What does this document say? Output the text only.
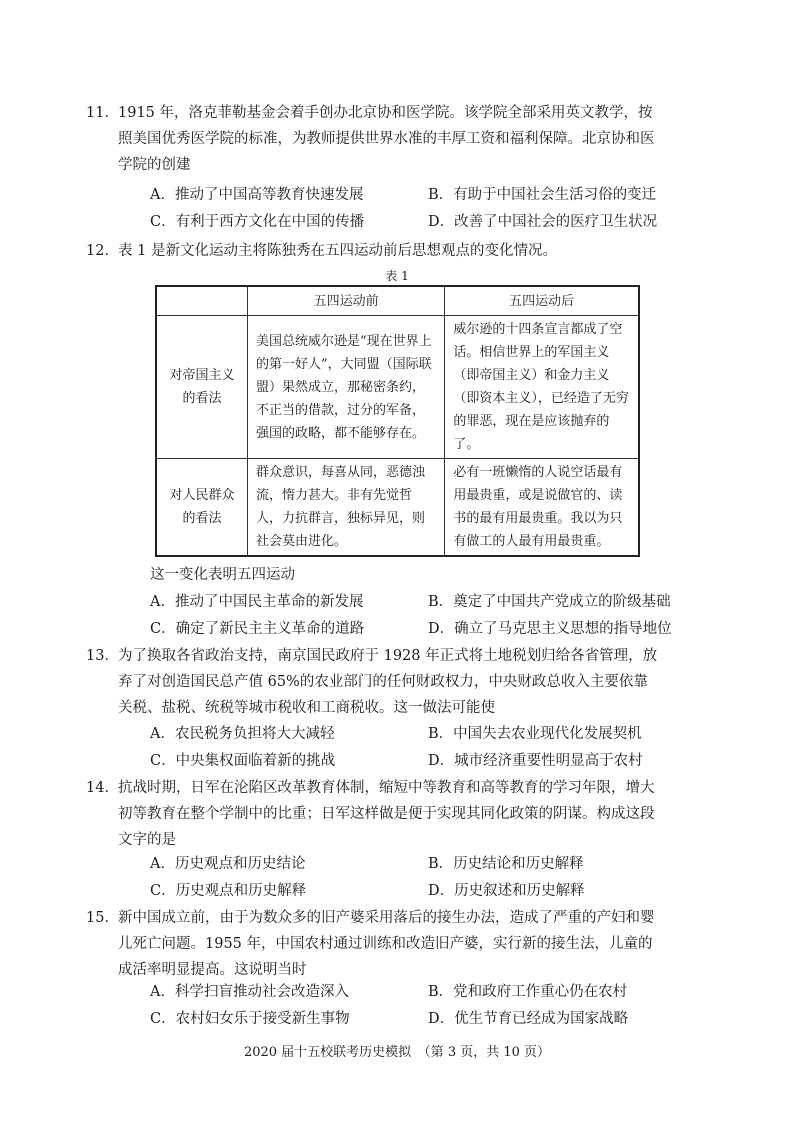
11． 1915 年，洛克菲勒基金会着手创办北京协和医学院。该学院全部采用英文教学，按照美国优秀医学院的标准，为教师提供世界水准的丰厚工资和福利保障。北京协和医学院的创建

A．推动了中国高等教育快速发展	B．有助于中国社会生活习俗的变迁
C．有利于西方文化在中国的传播	D．改善了中国社会的医疗卫生状况
12． 表 1 是新文化运动主将陈独秀在五四运动前后思想观点的变化情况。

表 1
	五四运动前	五四运动后
对帝国主义的看法	美国总统威尔逊是“现在世界上的第一好人”，大同盟（国际联盟）果然成立，那秘密条约，不正当的借款，过分的军备，强国的政略，都不能够存在。	威尔逊的十四条宣言都成了空话。相信世界上的军国主义（即帝国主义）和金力主义（即资本主义），已经造了无穷的罪恶，现在是应该抛弃的了。
对人民群众的看法	群众意识，每喜从同，恶德浊流，惰力甚大。非有先觉哲人，力抗群言，独标异见，则社会莫由进化。	必有一班懒惰的人说空话最有用最贵重，或是说做官的、读书的最有用最贵重。我以为只有做工的人最有用最贵重。
这一变化表明五四运动
A．推动了中国民主革命的新发展	B．奠定了中国共产党成立的阶级基础
C．确定了新民主主义革命的道路	D．确立了马克思主义思想的指导地位
13． 为了换取各省政治支持，南京国民政府于 1928 年正式将土地税划归给各省管理，放弃了对创造国民总产值 65%的农业部门的任何财政权力，中央财政总收入主要依靠关税、盐税、统税等城市税收和工商税收。这一做法可能使

A．农民税务负担将大大减轻	B．中国失去农业现代化发展契机
C．中央集权面临着新的挑战	D．城市经济重要性明显高于农村
14． 抗战时期，日军在沦陷区改革教育体制，缩短中等教育和高等教育的学习年限，增大初等教育在整个学制中的比重；日军这样做是便于实现其同化政策的阴谋。构成这段文字的是

A．历史观点和历史结论	B．历史结论和历史解释
C．历史观点和历史解释	D．历史叙述和历史解释
15． 新中国成立前，由于为数众多的旧产婆采用落后的接生办法，造成了严重的产妇和婴儿死亡问题。1955 年，中国农村通过训练和改造旧产婆，实行新的接生法，儿童的成活率明显提高。这说明当时

A．科学扫盲推动社会改造深入	B．党和政府工作重心仍在农村
C．农村妇女乐于接受新生事物	D．优生节育已经成为国家战略
2020 届十五校联考历史模拟　（第 3 页，共 10 页）
